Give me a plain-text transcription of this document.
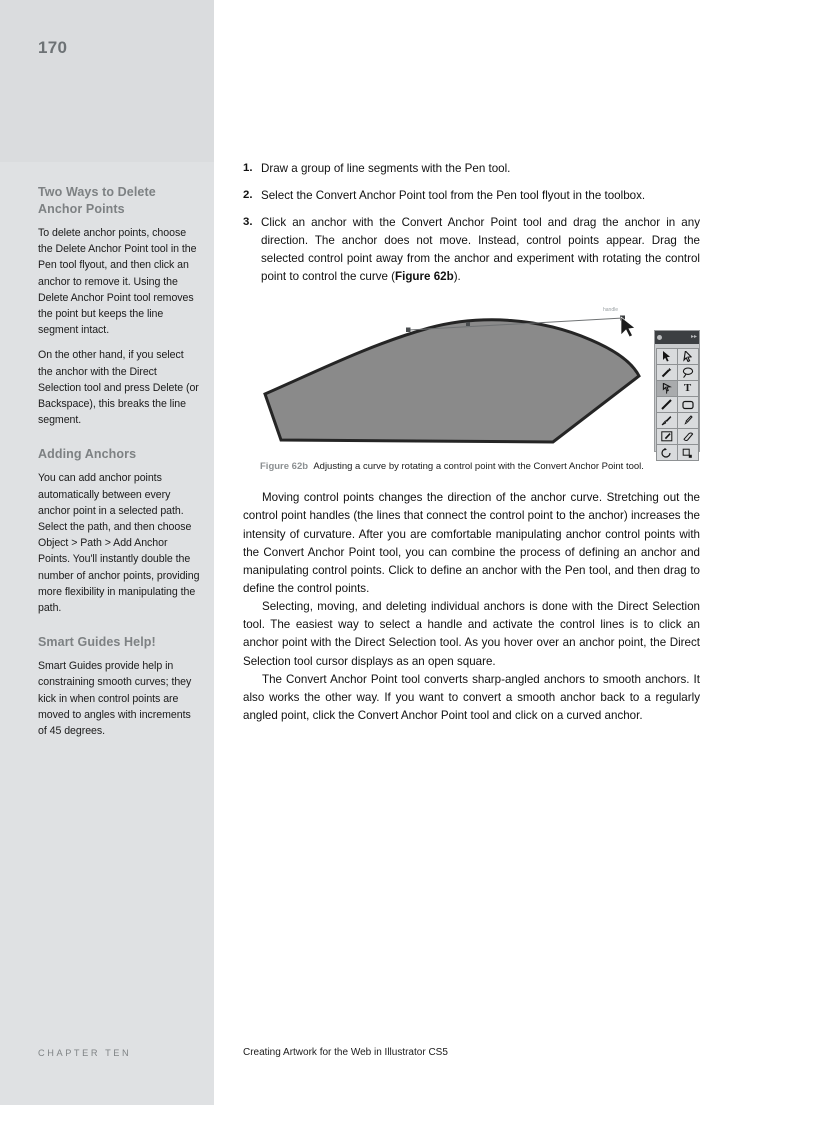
170
Two Ways to Delete Anchor Points

To delete anchor points, choose the Delete Anchor Point tool in the Pen tool flyout, and then click an anchor to remove it. Using the Delete Anchor Point tool removes the point but keeps the line segment intact.

On the other hand, if you select the anchor with the Direct Selection tool and press Delete (or Backspace), this breaks the line segment.

Adding Anchors

You can add anchor points automatically between every anchor point in a selected path. Select the path, and then choose Object > Path > Add Anchor Points. You'll instantly double the number of anchor points, providing more flexibility in manipulating the path.

Smart Guides Help!

Smart Guides provide help in constraining smooth curves; they kick in when control points are moved to angles with increments of 45 degrees.

1. Draw a group of line segments with the Pen tool.
2. Select the Convert Anchor Point tool from the Pen tool flyout in the toolbox.
3. Click an anchor with the Convert Anchor Point tool and drag the anchor in any direction. The anchor does not move. Instead, control points appear. Drag the selected control point away from the anchor and experiment with rotating the control point to control the curve (Figure 62b).
handle
▸▸
T
Figure 62b Adjusting a curve by rotating a control point with the Convert Anchor Point tool.

Moving control points changes the direction of the anchor curve. Stretching out the control point handles (the lines that connect the control point to the anchor) increases the intensity of curvature. After you are comfortable manipulating anchor control points with the Convert Anchor Point tool, you can combine the process of defining an anchor and manipulating control points. Click to define an anchor with the Pen tool, and then drag to define the control points.

Selecting, moving, and deleting individual anchors is done with the Direct Selection tool. The easiest way to select a handle and activate the control lines is to click an anchor point with the Direct Selection tool. As you hover over an anchor point, the Direct Selection tool cursor displays as an open square.

The Convert Anchor Point tool converts sharp-angled anchors to smooth anchors. It also works the other way. If you want to convert a smooth anchor back to a regularly angled point, click the Convert Anchor Point tool and click on a curved anchor.

CHAPTER TEN	Creating Artwork for the Web in Illustrator CS5
